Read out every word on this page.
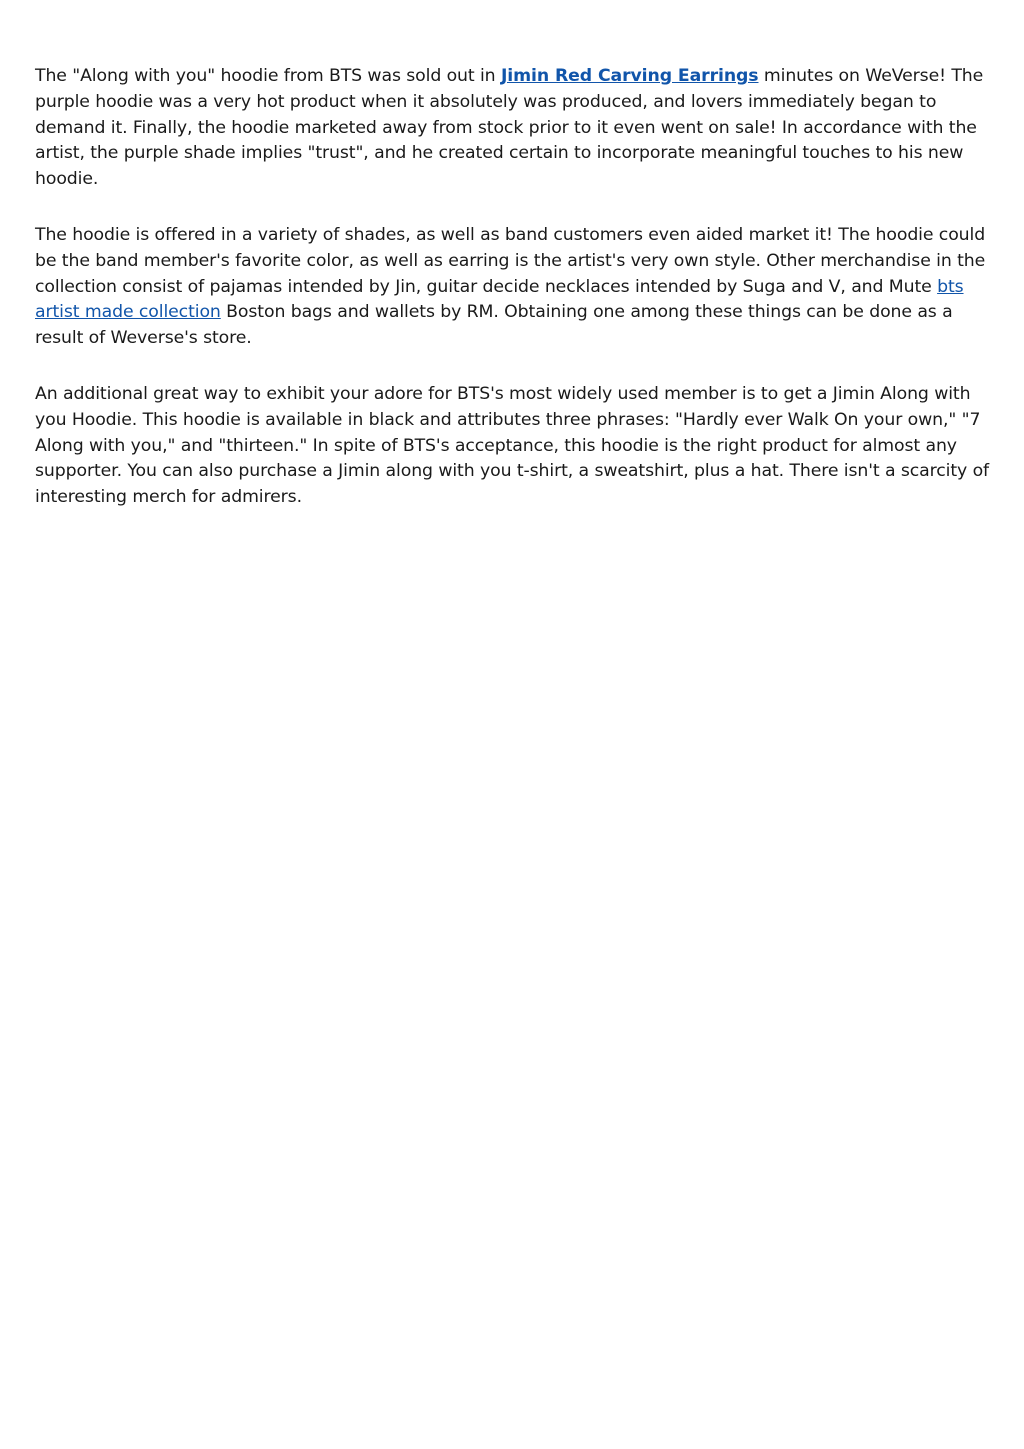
The "Along with you" hoodie from BTS was sold out in Jimin Red Carving Earrings minutes on WeVerse! The purple hoodie was a very hot product when it absolutely was produced, and lovers immediately began to demand it. Finally, the hoodie marketed away from stock prior to it even went on sale! In accordance with the artist, the purple shade implies "trust", and he created certain to incorporate meaningful touches to his new hoodie.

The hoodie is offered in a variety of shades, as well as band customers even aided market it! The hoodie could be the band member's favorite color, as well as earring is the artist's very own style. Other merchandise in the collection consist of pajamas intended by Jin, guitar decide necklaces intended by Suga and V, and Mute bts artist made collection Boston bags and wallets by RM. Obtaining one among these things can be done as a result of Weverse's store.

An additional great way to exhibit your adore for BTS's most widely used member is to get a Jimin Along with you Hoodie. This hoodie is available in black and attributes three phrases: "Hardly ever Walk On your own," "7 Along with you," and "thirteen." In spite of BTS's acceptance, this hoodie is the right product for almost any supporter. You can also purchase a Jimin along with you t-shirt, a sweatshirt, plus a hat. There isn't a scarcity of interesting merch for admirers.
